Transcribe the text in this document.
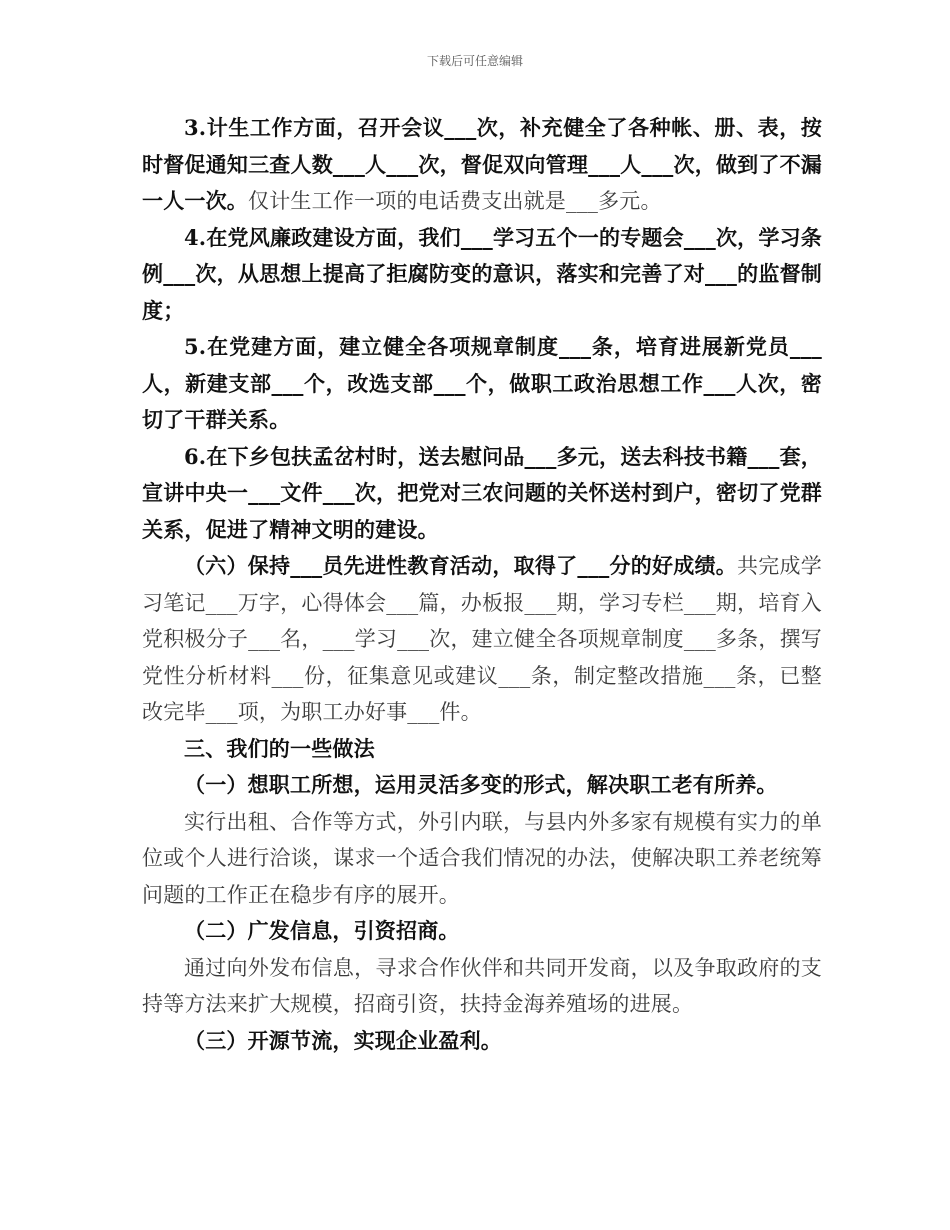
下载后可任意编辑

3.计生工作方面，召开会议___次，补充健全了各种帐、册、表，按时督促通知三查人数___人___次，督促双向管理___人___次，做到了不漏一人一次。仅计生工作一项的电话费支出就是___多元。

4.在党风廉政建设方面，我们___学习五个一的专题会___次，学习条例___次，从思想上提高了拒腐防变的意识，落实和完善了对___的监督制度；

5.在党建方面，建立健全各项规章制度___条，培育进展新党员___人，新建支部___个，改选支部___个，做职工政治思想工作___人次，密切了干群关系。

6.在下乡包扶孟岔村时，送去慰问品___多元，送去科技书籍___套，宣讲中央一___文件___次，把党对三农问题的关怀送村到户，密切了党群关系，促进了精神文明的建设。

（六）保持___员先进性教育活动，取得了___分的好成绩。共完成学习笔记___万字，心得体会___篇，办板报___期，学习专栏___期，培育入党积极分子___名，___学习___次，建立健全各项规章制度___多条，撰写党性分析材料___份，征集意见或建议___条，制定整改措施___条，已整改完毕___项，为职工办好事___件。

三、我们的一些做法

（一）想职工所想，运用灵活多变的形式，解决职工老有所养。

实行出租、合作等方式，外引内联，与县内外多家有规模有实力的单位或个人进行洽谈，谋求一个适合我们情况的办法，使解决职工养老统筹问题的工作正在稳步有序的展开。

（二）广发信息，引资招商。

通过向外发布信息，寻求合作伙伴和共同开发商，以及争取政府的支持等方法来扩大规模，招商引资，扶持金海养殖场的进展。

（三）开源节流，实现企业盈利。
